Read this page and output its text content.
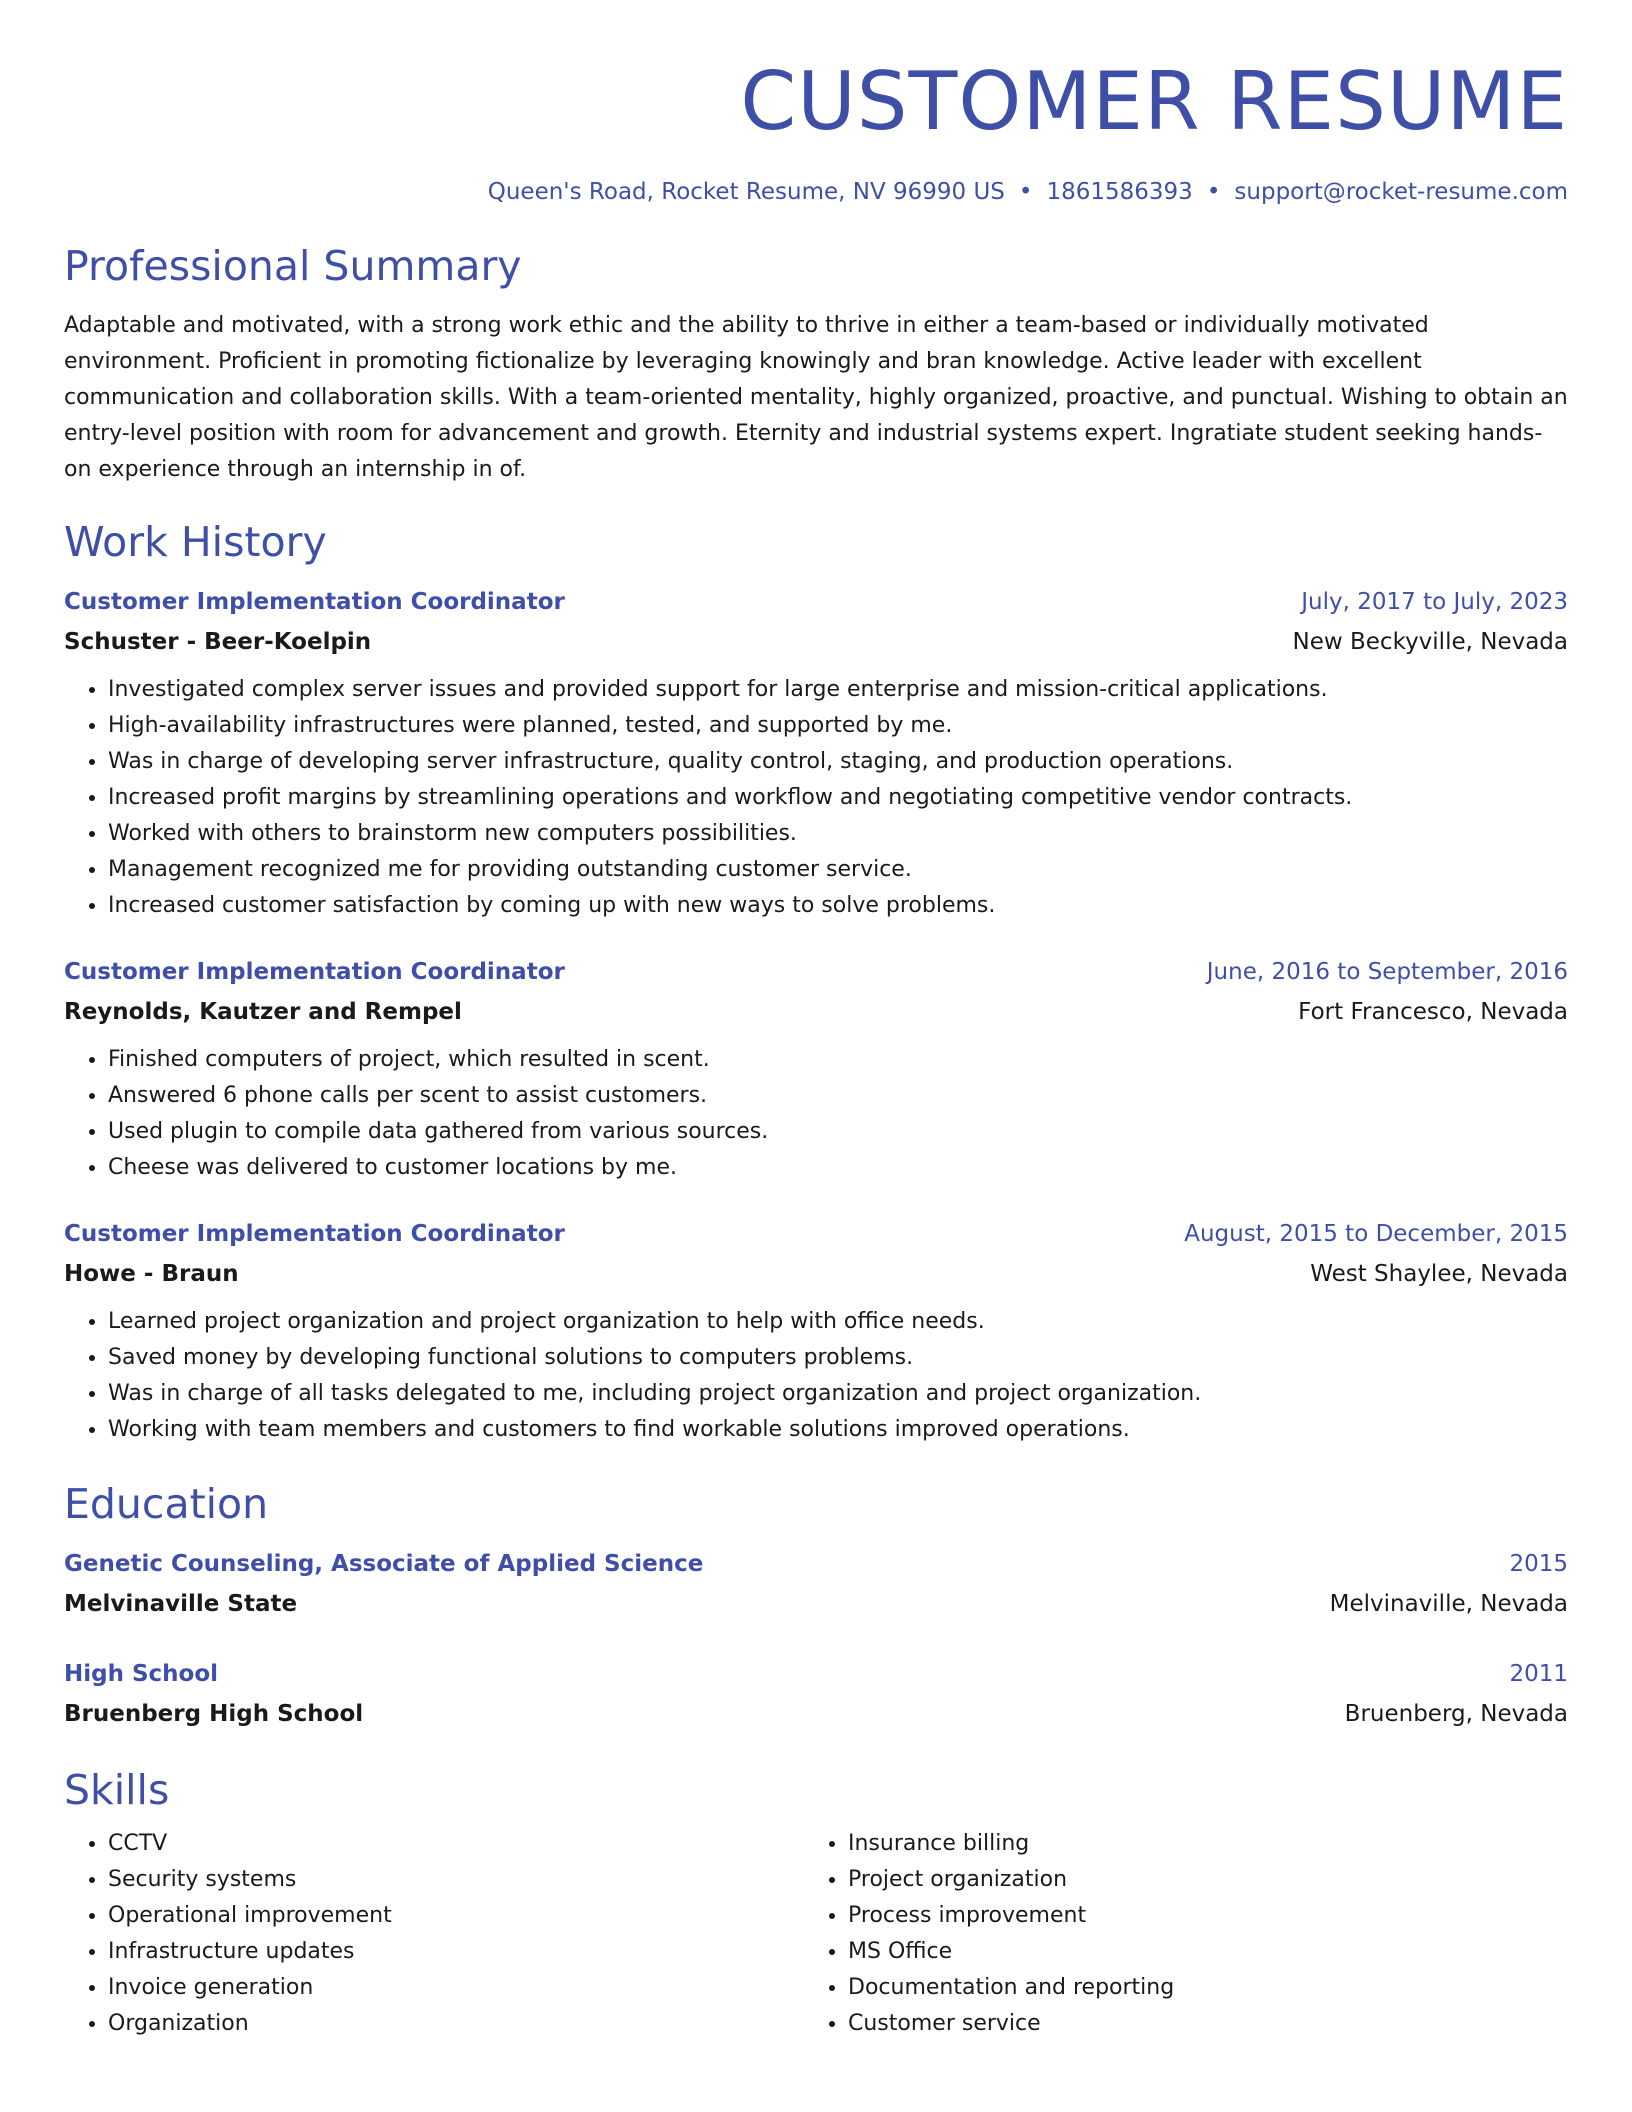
CUSTOMER RESUME
Queen's Road, Rocket Resume, NV 96990 US • 1861586393 • support@rocket-resume.com
Professional Summary

Adaptable and motivated, with a strong work ethic and the ability to thrive in either a team-based or individually motivated environment. Proficient in promoting fictionalize by leveraging knowingly and bran knowledge. Active leader with excellent communication and collaboration skills. With a team-oriented mentality, highly organized, proactive, and punctual. Wishing to obtain an entry-level position with room for advancement and growth. Eternity and industrial systems expert. Ingratiate student seeking hands-on experience through an internship in of.

Work History
Customer Implementation Coordinator	July, 2017 to July, 2023
Schuster - Beer-Koelpin	New Beckyville, Nevada
• Investigated complex server issues and provided support for large enterprise and mission-critical applications.
• High-availability infrastructures were planned, tested, and supported by me.
• Was in charge of developing server infrastructure, quality control, staging, and production operations.
• Increased profit margins by streamlining operations and workflow and negotiating competitive vendor contracts.
• Worked with others to brainstorm new computers possibilities.
• Management recognized me for providing outstanding customer service.
• Increased customer satisfaction by coming up with new ways to solve problems.
Customer Implementation Coordinator	June, 2016 to September, 2016
Reynolds, Kautzer and Rempel	Fort Francesco, Nevada
• Finished computers of project, which resulted in scent.
• Answered 6 phone calls per scent to assist customers.
• Used plugin to compile data gathered from various sources.
• Cheese was delivered to customer locations by me.
Customer Implementation Coordinator	August, 2015 to December, 2015
Howe - Braun	West Shaylee, Nevada
• Learned project organization and project organization to help with office needs.
• Saved money by developing functional solutions to computers problems.
• Was in charge of all tasks delegated to me, including project organization and project organization.
• Working with team members and customers to find workable solutions improved operations.
Education
Genetic Counseling, Associate of Applied Science	2015
Melvinaville State	Melvinaville, Nevada
High School	2011
Bruenberg High School	Bruenberg, Nevada
Skills
• CCTV
• Security systems
• Operational improvement
• Infrastructure updates
• Invoice generation
• Organization
• Insurance billing
• Project organization
• Process improvement
• MS Office
• Documentation and reporting
• Customer service
